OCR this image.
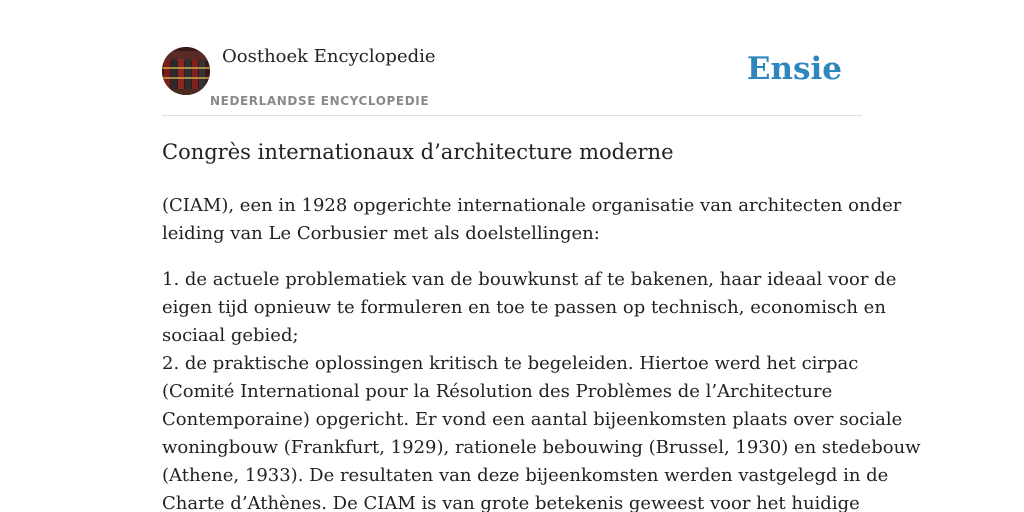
Oosthoek Encyclopedie
NEDERLANDSE ENCYCLOPEDIE
Ensie
Congrès internationaux d’architecture moderne

(CIAM), een in 1928 opgerichte internationale organisatie van architecten onder
leiding van Le Corbusier met als doelstellingen:

1. de actuele problematiek van de bouwkunst af te bakenen, haar ideaal voor de
eigen tijd opnieuw te formuleren en toe te passen op technisch, economisch en
sociaal gebied;
2. de praktische oplossingen kritisch te begeleiden. Hiertoe werd het cirpac
(Comité International pour la Résolution des Problèmes de l’Architecture
Contemporaine) opgericht. Er vond een aantal bijeenkomsten plaats over sociale
woningbouw (Frankfurt, 1929), rationele bebouwing (Brussel, 1930) en stedebouw
(Athene, 1933). De resultaten van deze bijeenkomsten werden vastgelegd in de
Charte d’Athènes. De CIAM is van grote betekenis geweest voor het huidige
